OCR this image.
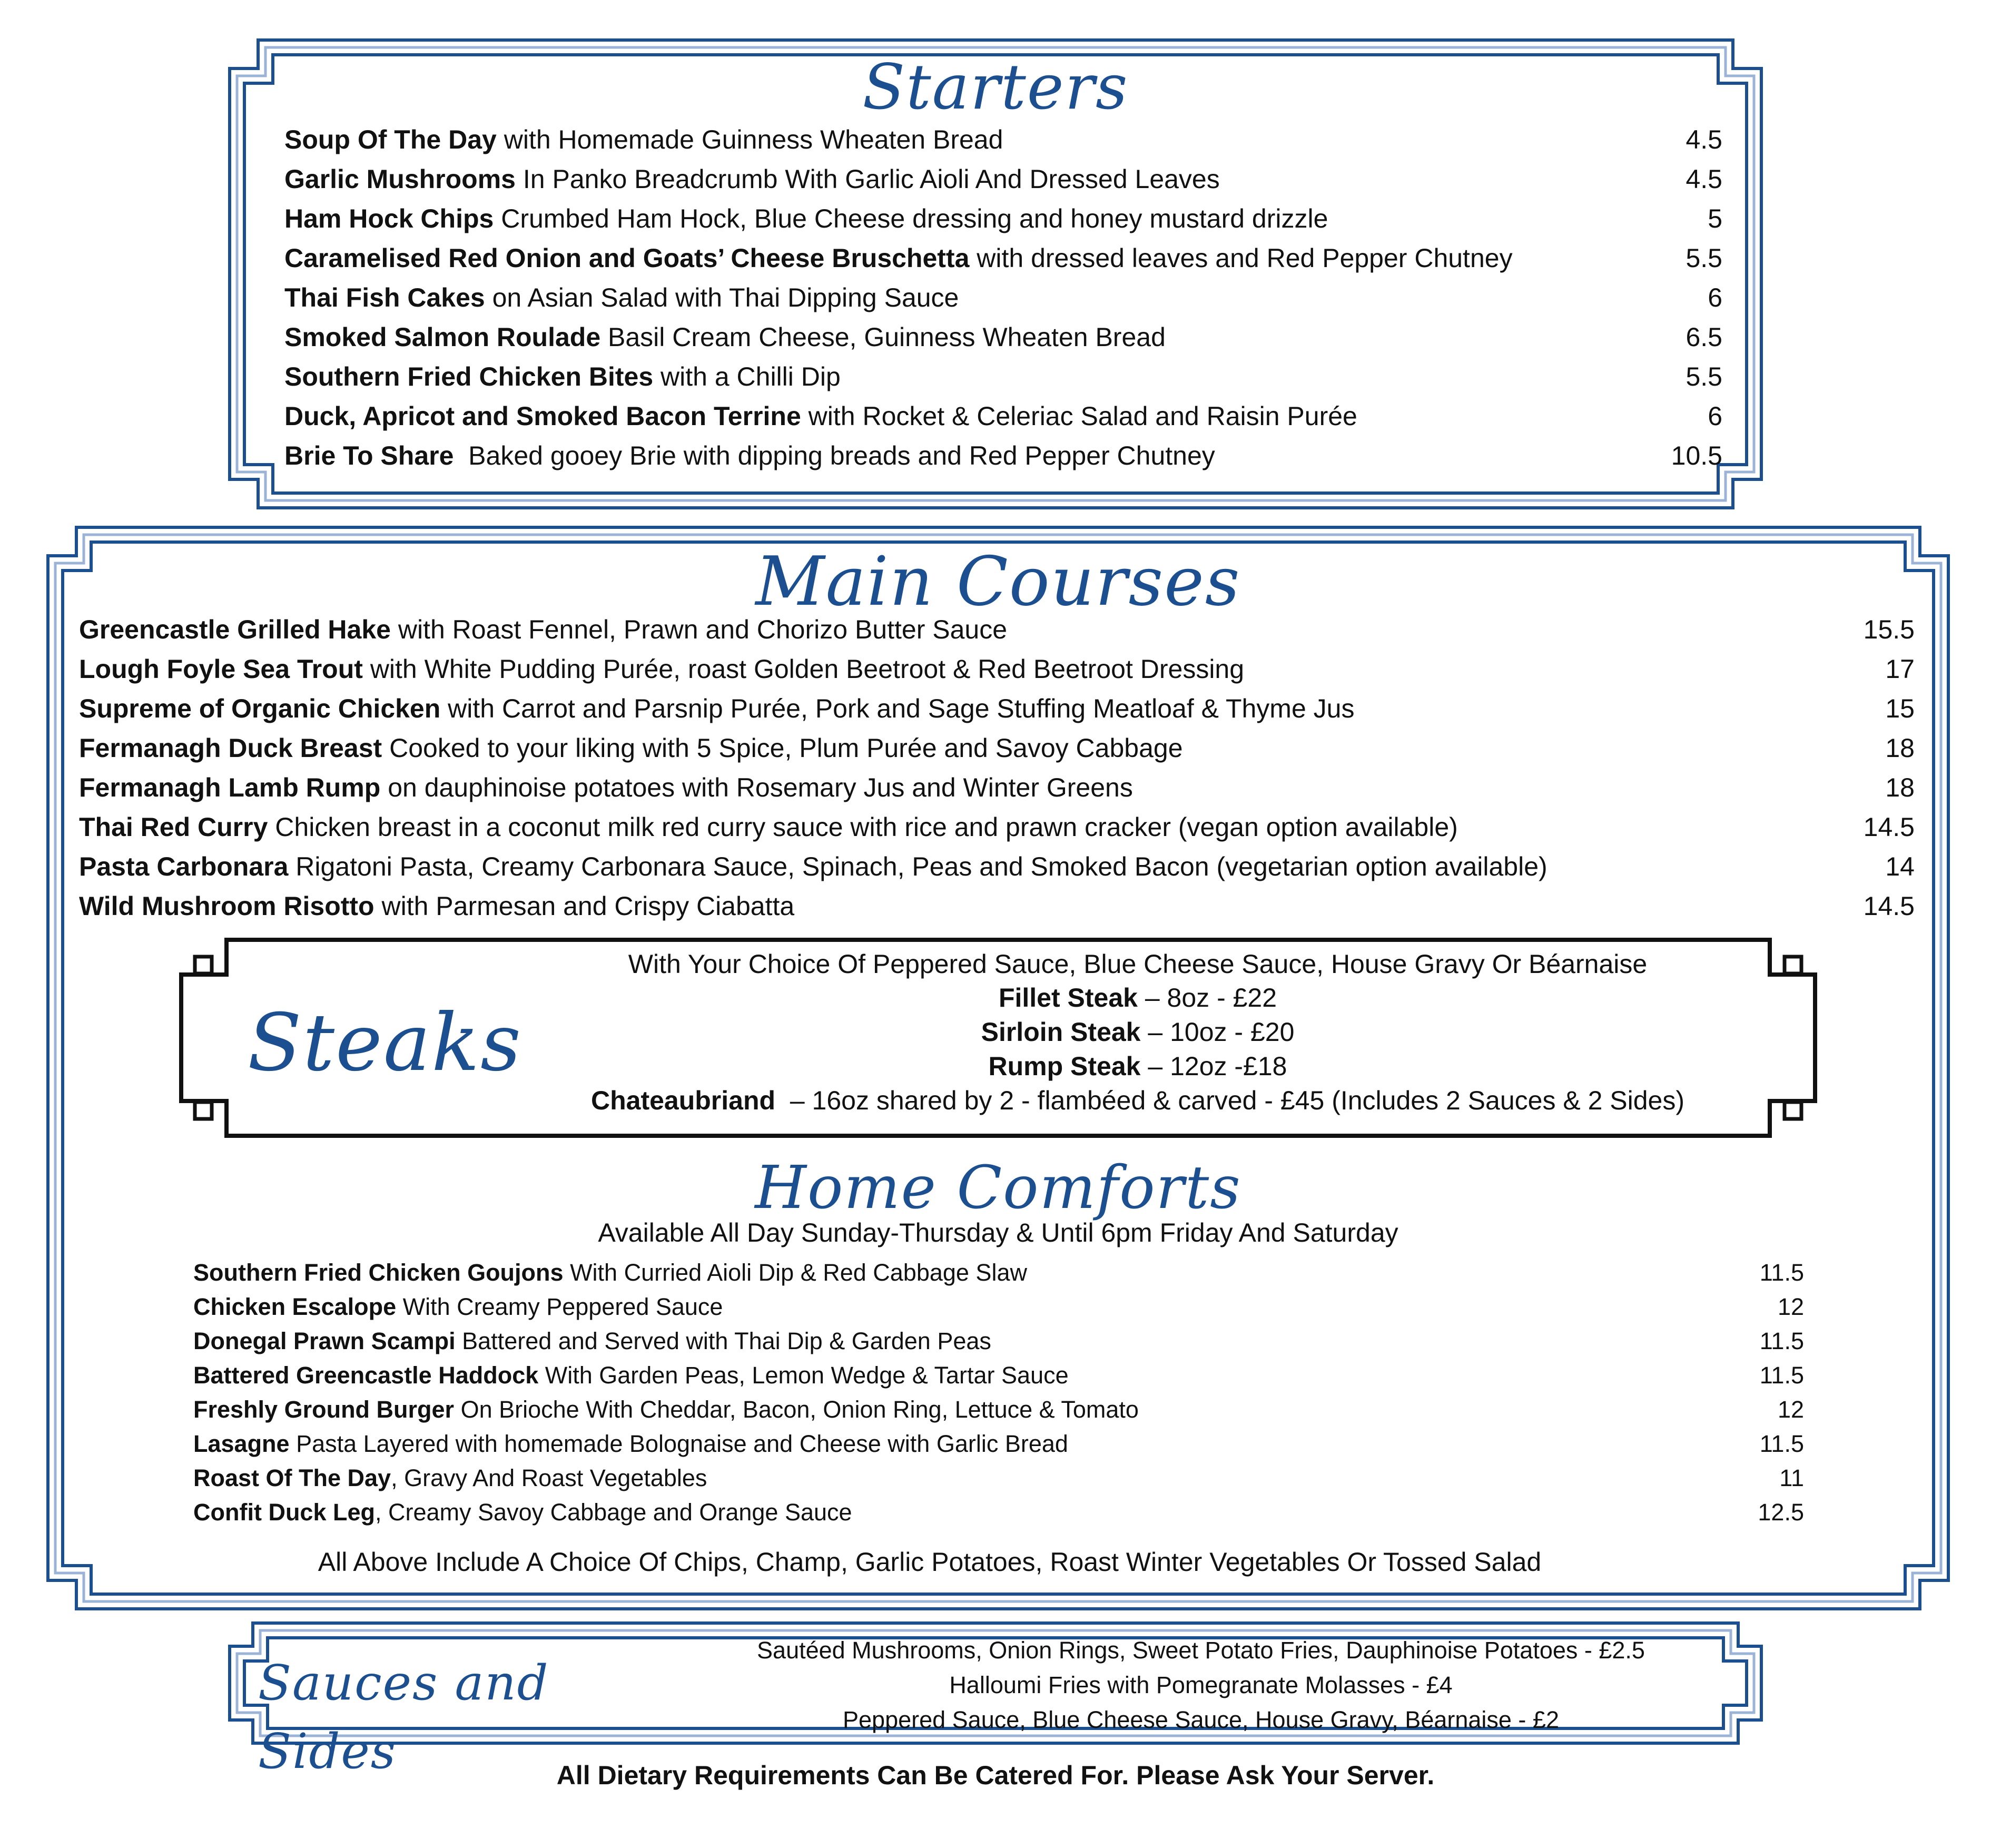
Starters
Soup Of The Day with Homemade Guinness Wheaten Bread	4.5
Garlic Mushrooms In Panko Breadcrumb With Garlic Aioli And Dressed Leaves	4.5
Ham Hock Chips Crumbed Ham Hock, Blue Cheese dressing and honey mustard drizzle	5
Caramelised Red Onion and Goats’ Cheese Bruschetta with dressed leaves and Red Pepper Chutney	5.5
Thai Fish Cakes on Asian Salad with Thai Dipping Sauce	6
Smoked Salmon Roulade Basil Cream Cheese, Guinness Wheaten Bread	6.5
Southern Fried Chicken Bites with a Chilli Dip	5.5
Duck, Apricot and Smoked Bacon Terrine with Rocket & Celeriac Salad and Raisin Purée	6
Brie To Share  Baked gooey Brie with dipping breads and Red Pepper Chutney	10.5
Main Courses
Greencastle Grilled Hake with Roast Fennel, Prawn and Chorizo Butter Sauce	15.5
Lough Foyle Sea Trout with White Pudding Purée, roast Golden Beetroot & Red Beetroot Dressing	17
Supreme of Organic Chicken with Carrot and Parsnip Purée, Pork and Sage Stuffing Meatloaf & Thyme Jus	15
Fermanagh Duck Breast Cooked to your liking with 5 Spice, Plum Purée and Savoy Cabbage	18
Fermanagh Lamb Rump on dauphinoise potatoes with Rosemary Jus and Winter Greens	18
Thai Red Curry Chicken breast in a coconut milk red curry sauce with rice and prawn cracker (vegan option available)	14.5
Pasta Carbonara Rigatoni Pasta, Creamy Carbonara Sauce, Spinach, Peas and Smoked Bacon (vegetarian option available)	14
Wild Mushroom Risotto with Parmesan and Crispy Ciabatta	14.5
Steaks
With Your Choice Of Peppered Sauce, Blue Cheese Sauce, House Gravy Or Béarnaise
Fillet Steak – 8oz - £22
Sirloin Steak – 10oz - £20
Rump Steak – 12oz -£18
Chateaubriand  – 16oz shared by 2 - flambéed & carved - £45 (Includes 2 Sauces & 2 Sides)
Home Comforts
Available All Day Sunday-Thursday & Until 6pm Friday And Saturday
Southern Fried Chicken Goujons With Curried Aioli Dip & Red Cabbage Slaw	11.5
Chicken Escalope With Creamy Peppered Sauce	12
Donegal Prawn Scampi Battered and Served with Thai Dip & Garden Peas	11.5
Battered Greencastle Haddock With Garden Peas, Lemon Wedge & Tartar Sauce	11.5
Freshly Ground Burger On Brioche With Cheddar, Bacon, Onion Ring, Lettuce & Tomato	12
Lasagne Pasta Layered with homemade Bolognaise and Cheese with Garlic Bread	11.5
Roast Of The Day, Gravy And Roast Vegetables	11
Confit Duck Leg, Creamy Savoy Cabbage and Orange Sauce	12.5
All Above Include A Choice Of Chips, Champ, Garlic Potatoes, Roast Winter Vegetables Or Tossed Salad
Sauces and Sides
Sautéed Mushrooms, Onion Rings, Sweet Potato Fries, Dauphinoise Potatoes - £2.5
Halloumi Fries with Pomegranate Molasses - £4
Peppered Sauce, Blue Cheese Sauce, House Gravy, Béarnaise - £2
All Dietary Requirements Can Be Catered For. Please Ask Your Server.
